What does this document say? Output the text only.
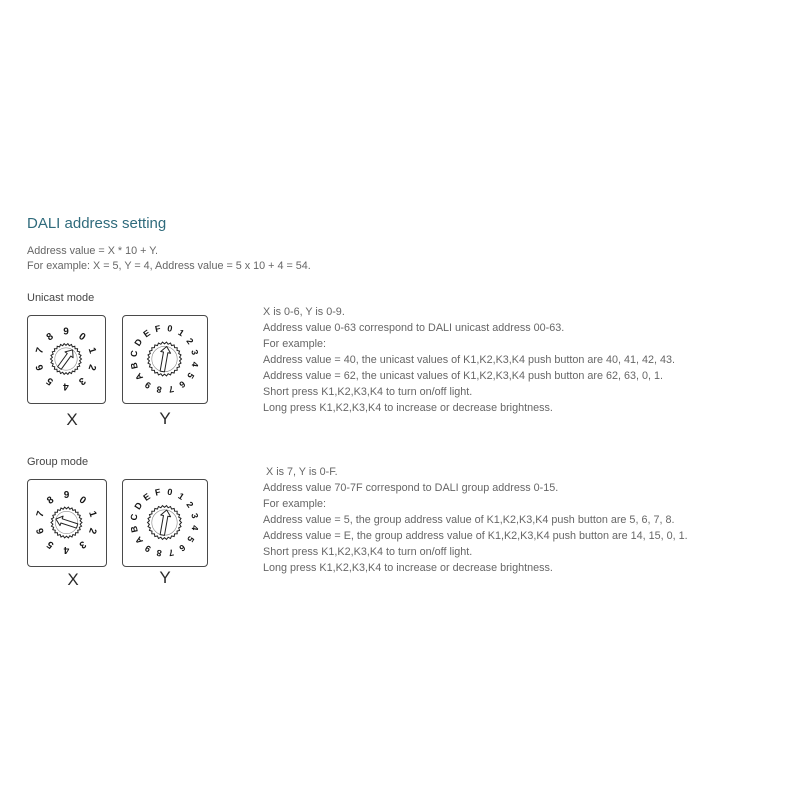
DALI address setting
Address value = X * 10 + Y.
For example: X = 5, Y = 4, Address value = 5 x 10 + 4 = 54.
Unicast mode
0
1
2
3
4
5
6
7
8 9	0 1
2
3
4
5
6
7
8
9
A
B
C
D
E F
X	Y
X is 0-6, Y is 0-9.
Address value 0-63 correspond to DALI unicast address 00-63.
For example:
Address value = 40, the unicast values of K1,K2,K3,K4 push button are 40, 41, 42, 43.
Address value = 62, the unicast values of K1,K2,K3,K4 push button are 62, 63, 0, 1.
Short press K1,K2,K3,K4 to turn on/off light.
Long press K1,K2,K3,K4 to increase or decrease brightness.
Group mode
0
1
2
3
4
5
6
7
8 9	0 1
2
3
4
5
6
7
8
9
A
B
C
D
E F
X	Y
X is 7, Y is 0-F.
Address value 70-7F correspond to DALI group address 0-15.
For example:
Address value = 5, the group address value of K1,K2,K3,K4 push button are 5, 6, 7, 8.
Address value = E, the group address value of K1,K2,K3,K4 push button are 14, 15, 0, 1.
Short press K1,K2,K3,K4 to turn on/off light.
Long press K1,K2,K3,K4 to increase or decrease brightness.
